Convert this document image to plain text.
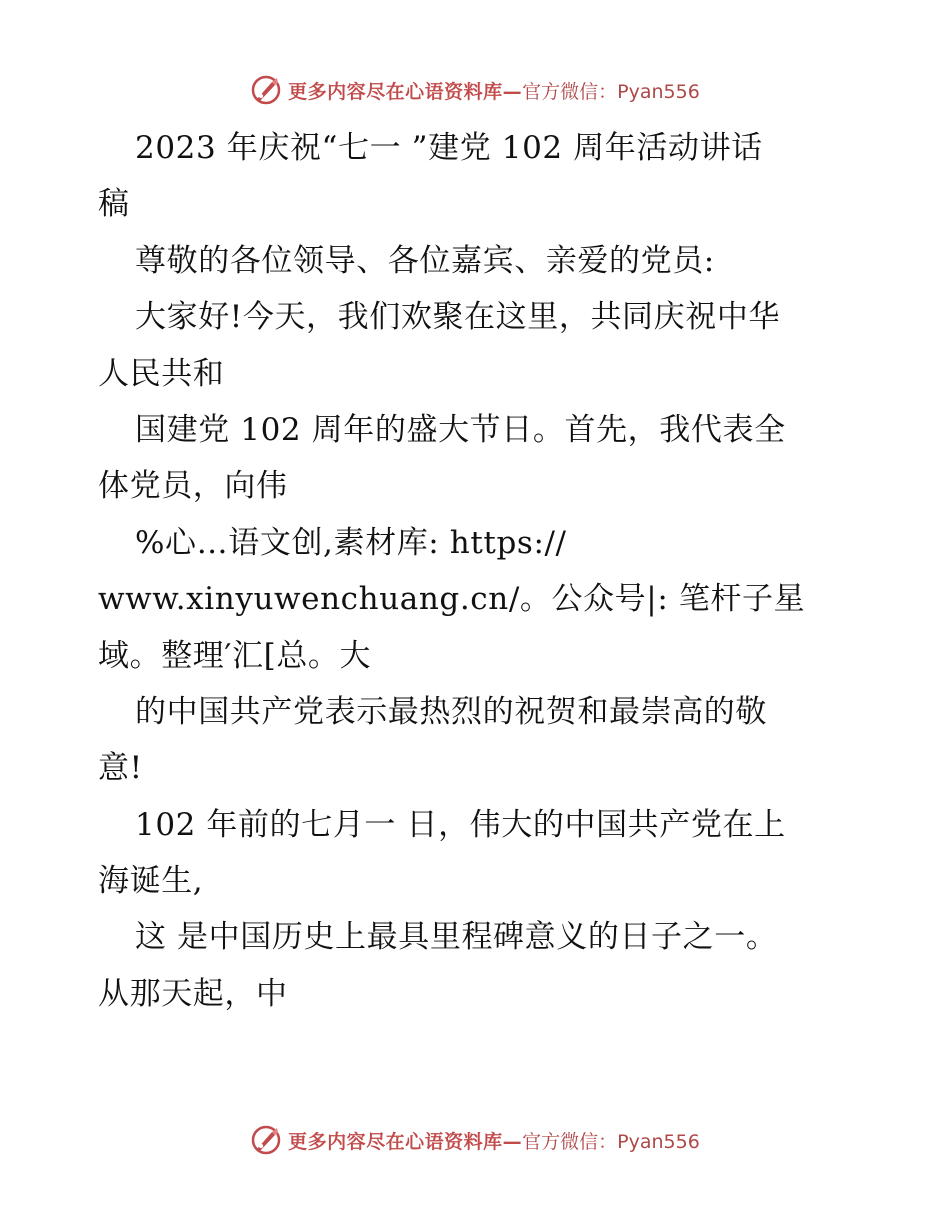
更多内容尽在心语资料库— 官方微信：Pyan556
2023 年庆祝“七一 ”建党 102 周年活动讲话
稿
尊敬的各位领导、各位嘉宾、亲爱的党员:
大家好!今天，我们欢聚在这里，共同庆祝中华
人民共和
国建党 102 周年的盛大节日。首先，我代表全
体党员，向伟
%心…语文创,素材库: https://
www.xinyuwenchuang.cn/。公众号|: 笔杆子星
域。整理′汇[总。大
的中国共产党表示最热烈的祝贺和最崇高的敬
意!
102 年前的七月一 日，伟大的中国共产党在上
海诞生,
这 是中国历史上最具里程碑意义的日子之一。
从那天起，中
更多内容尽在心语资料库— 官方微信：Pyan556
